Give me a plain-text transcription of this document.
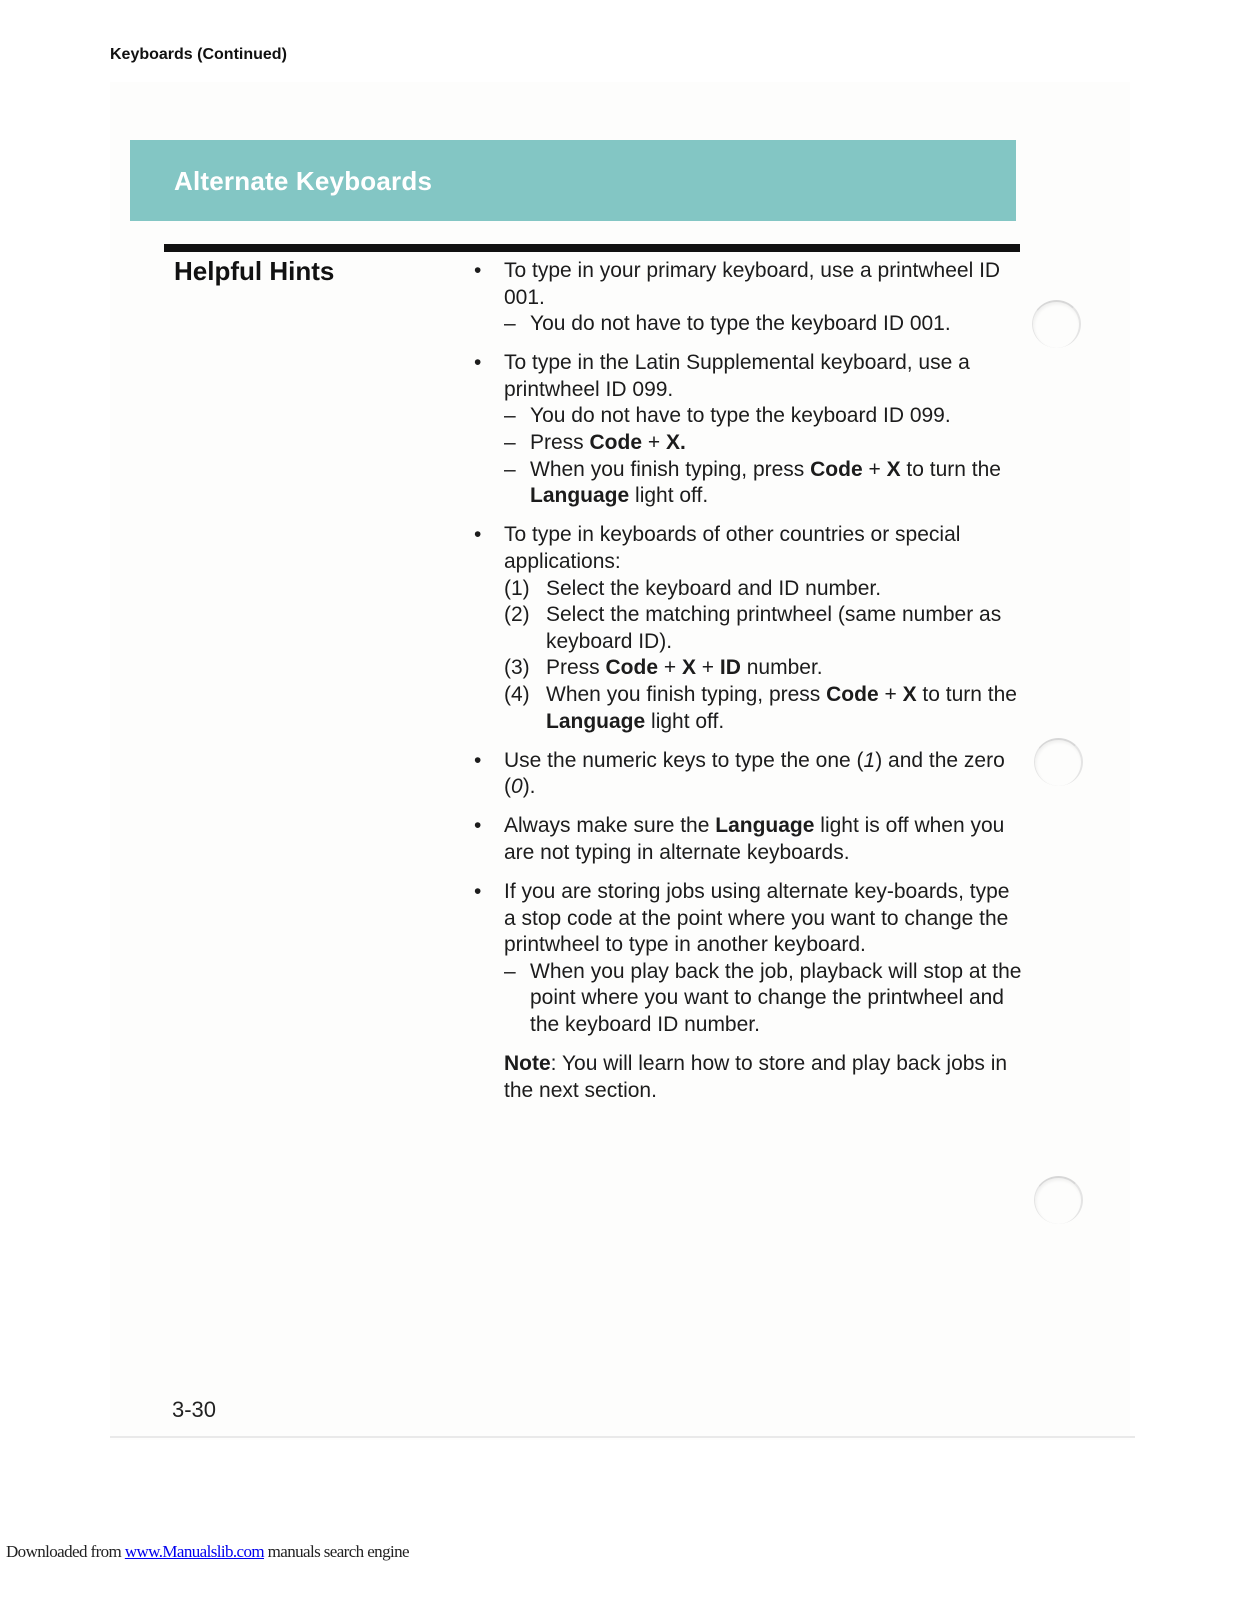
Keyboards (Continued)
Alternate Keyboards
Helpful Hints	• To type in your primary keyboard, use a printwheel ID 001.
– You do not have to type the keyboard ID 001.
• To type in the Latin Supplemental keyboard, use a printwheel ID 099.
– You do not have to type the keyboard ID 099.
– Press Code + X.
– When you finish typing, press Code + X to turn the Language light off.
• To type in keyboards of other countries or special applications:
(1) Select the keyboard and ID number.
(2) Select the matching printwheel (same number as keyboard ID).
(3) Press Code + X + ID number.
(4) When you finish typing, press Code + X to turn the Language light off.
• Use the numeric keys to type the one (1) and the zero (0).
• Always make sure the Language light is off when you are not typing in alternate keyboards.
• If you are storing jobs using alternate key-boards, type a stop code at the point where you want to change the printwheel to type in another keyboard.
– When you play back the job, playback will stop at the point where you want to change the printwheel and the keyboard ID number.
Note: You will learn how to store and play back jobs in the next section.
3-30
Downloaded from www.Manualslib.com manuals search engine
